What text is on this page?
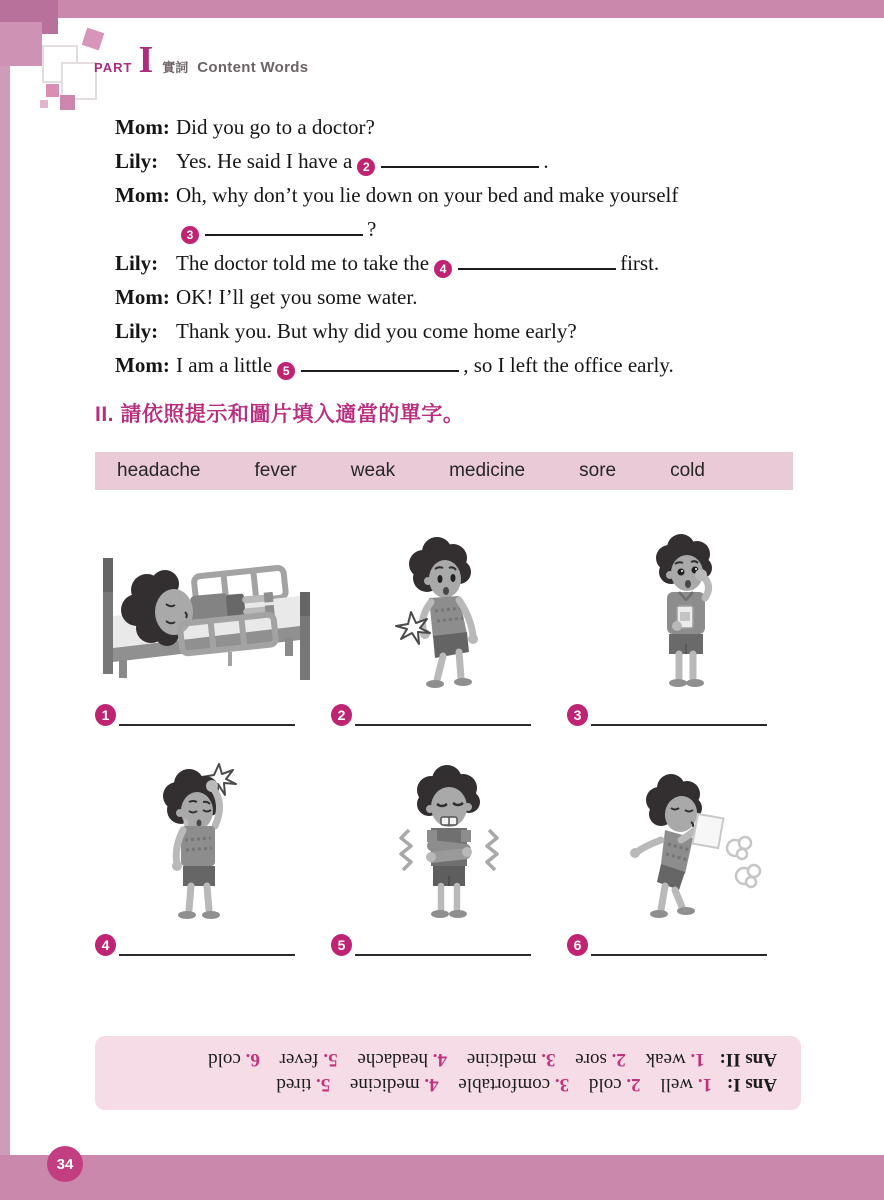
PART I 實詞 Content Words
Mom: Did you go to a doctor?
Lily: Yes. He said I have a 2	.
Mom: Oh, why don’t you lie down on your bed and make yourself
3	?
Lily: The doctor told me to take the 4	first.
Mom: OK! I’ll get you some water.
Lily: Thank you. But why did you come home early?
Mom: I am a little 5	, so I left the office early.
II. 請依照提示和圖片填入適當的單字。
headache	fever	weak	medicine	sore	cold
1	2	3
4	5	6
Ans I: 1. well 2. cold 3. comfortable 4. medicine 5. tired
Ans II: 1. weak 2. sore 3. medicine 4. headache 5. fever 6. cold
34
